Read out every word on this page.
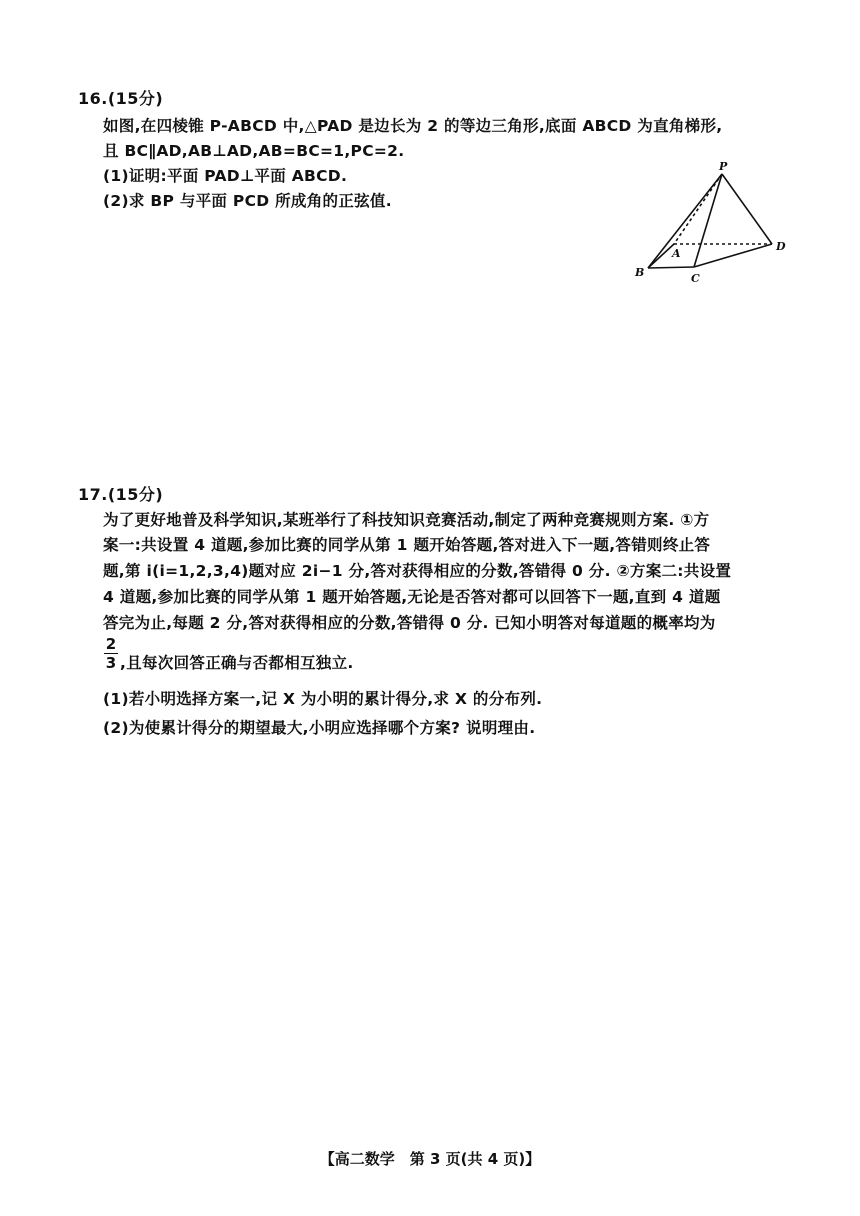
16.(15分)
如图,在四棱锥 P-ABCD 中,△PAD 是边长为 2 的等边三角形,底面 ABCD 为直角梯形,
且 BC∥AD,AB⊥AD,AB=BC=1,PC=2.
(1)证明:平面 PAD⊥平面 ABCD.
(2)求 BP 与平面 PCD 所成角的正弦值.
P
A
B	C
D
17.(15分)
为了更好地普及科学知识,某班举行了科技知识竞赛活动,制定了两种竞赛规则方案. ①方
案一:共设置 4 道题,参加比赛的同学从第 1 题开始答题,答对进入下一题,答错则终止答
题,第 i(i=1,2,3,4)题对应 2i−1 分,答对获得相应的分数,答错得 0 分. ②方案二:共设置
4 道题,参加比赛的同学从第 1 题开始答题,无论是否答对都可以回答下一题,直到 4 道题
答完为止,每题 2 分,答对获得相应的分数,答错得 0 分. 已知小明答对每道题的概率均为
2
3 ,且每次回答正确与否都相互独立.
(1)若小明选择方案一,记 X 为小明的累计得分,求 X 的分布列.
(2)为使累计得分的期望最大,小明应选择哪个方案? 说明理由.
【高二数学　第 3 页(共 4 页)】
